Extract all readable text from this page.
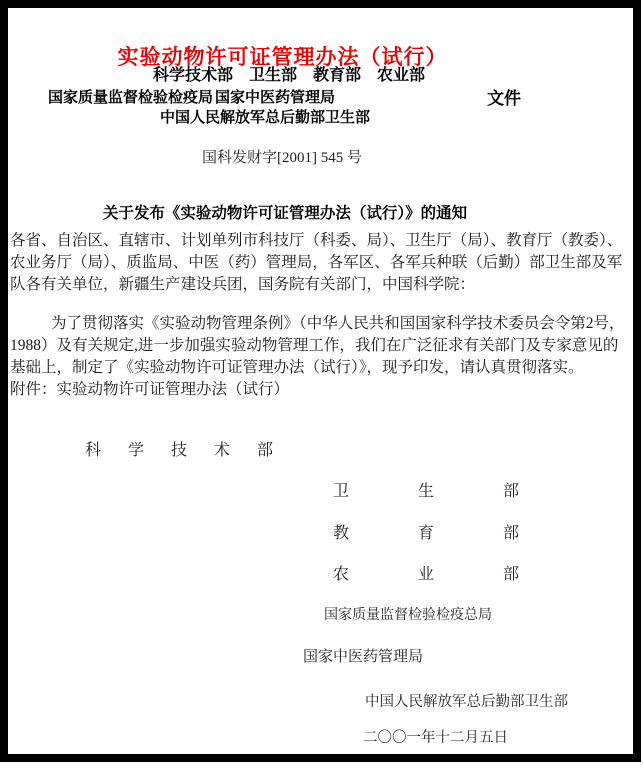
实验动物许可证管理办法（试行）
科学技术部 卫生部 教育部 农业部
国家质量监督检验检疫局 国家中医药管理局	文件
中国人民解放军总后勤部卫生部
国科发财字[2001] 545 号
关于发布《实验动物许可证管理办法（试行）》的通知

各省、自治区、直辖市、计划单列市科技厅（科委、局）、卫生厅（局）、教育厅（教委）、农业务厅（局）、质监局、中医（药）管理局，各军区、各军兵种联（后勤）部卫生部及军队各有关单位，新疆生产建设兵团，国务院有关部门，中国科学院：

为了贯彻落实《实验动物管理条例》（中华人民共和国国家科学技术委员会令第2号，1988）及有关规定,进一步加强实验动物管理工作，我们在广泛征求有关部门及专家意见的基础上，制定了《实验动物许可证管理办法（试行）》，现予印发，请认真贯彻落实。

附件：实验动物许可证管理办法（试行）

科学技术部
卫生部
教育部
农业部
国家质量监督检验检疫总局
国家中医药管理局
中国人民解放军总后勤部卫生部
二〇〇一年十二月五日
